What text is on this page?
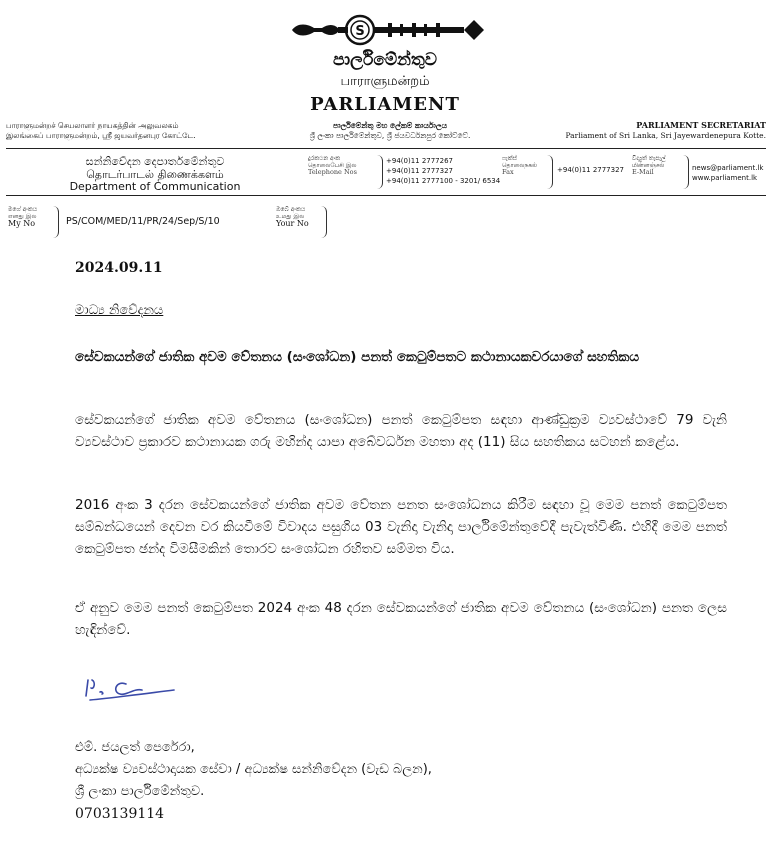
S
පාර්ලිමේන්තුව
பாராளுமன்றம்
PARLIAMENT
பாராளுமன்றச் செயலாளர் நாயகத்தின் அலுவலகம்
இலங்கைப் பாராளுமன்றம், ஸ்ரீ ஜயவர்தனபுர கோட்டே.
පාර්ලිමේන්තු මහ ලේකම් කාර්යාලය
ශ්‍රී ලංකා පාර්ලිමේන්තුව, ශ්‍රී ජයවර්ධනපුර කෝට්ටේ.
PARLIAMENT SECRETARIAT
Parliament of Sri Lanka, Sri Jayewardenepura Kotte.
සන්නිවේදන දෙපාර්තමේන්තුව
தொடர்பாடல் திணைக்களம்
Department of Communication
දුරකථන අංක
தொலைபேசி இல
Telephone Nos
+94(0)11 2777267
+94(0)11 2777327
+94(0)11 2777100 - 3201/ 6534
ෆැක්ස්
தொலைநகல்
Fax	+94(0)11 2777327
විද්‍යුත් තැපැල්
மின்னஞ்சல்
E-Mail	news@parliament.lk
www.parliament.lk
මගේ අංකය
எனது இல
My No	PS/COM/MED/11/PR/24/Sep/S/10
ඔබේ අංකය
உமது இல
Your No
2024.09.11
මාධ්‍ය නිවේදනය
සේවකයන්ගේ ජාතික අවම වේතනය (සංශෝධන) පනත් කෙටුම්පතට කථානායකවරයාගේ සහතිකය
සේවකයන්ගේ ජාතික අවම වේතනය (සංශෝධන) පනත් කෙටුම්පත සඳහා ආණ්ඩුක්‍රම ව්‍යවස්ථාවේ 79 වැනි ව්‍යවස්ථාව ප්‍රකාරව කථානායක ගරු මහින්ද යාපා අබේවර්ධන මහතා අද (11) සිය සහතිකය සටහන් කළේය.
2016 අංක 3 දරන සේවකයන්ගේ ජාතික අවම වේතන පනත සංශෝධනය කිරීම සඳහා වූ මෙම පනත් කෙටුම්පත සම්බන්ධයෙන් දෙවන වර කියවීමේ විවාදය පසුගිය 03 වැනිදා වැනිදා පාර්ලිමේන්තුවේදී පැවැත්විණි. එහිදී මෙම පනත් කෙටුම්පත ඡන්ද විමසීමකින් තොරව සංශෝධන රහිතව සම්මත විය.
ඒ අනුව මෙම පනත් කෙටුම්පත 2024 අංක 48 දරන සේවකයන්ගේ ජාතික අවම වේතනය (සංශෝධන) පනත ලෙස හැඳින්වේ.
එම්. ජයලත් පෙරේරා,
අධ්‍යක්ෂ ව්‍යවස්ථාදායක සේවා / අධ්‍යක්ෂ සන්නිවේදන (වැඩ බලන),
ශ්‍රී ලංකා පාර්ලිමේන්තුව.
0703139114
